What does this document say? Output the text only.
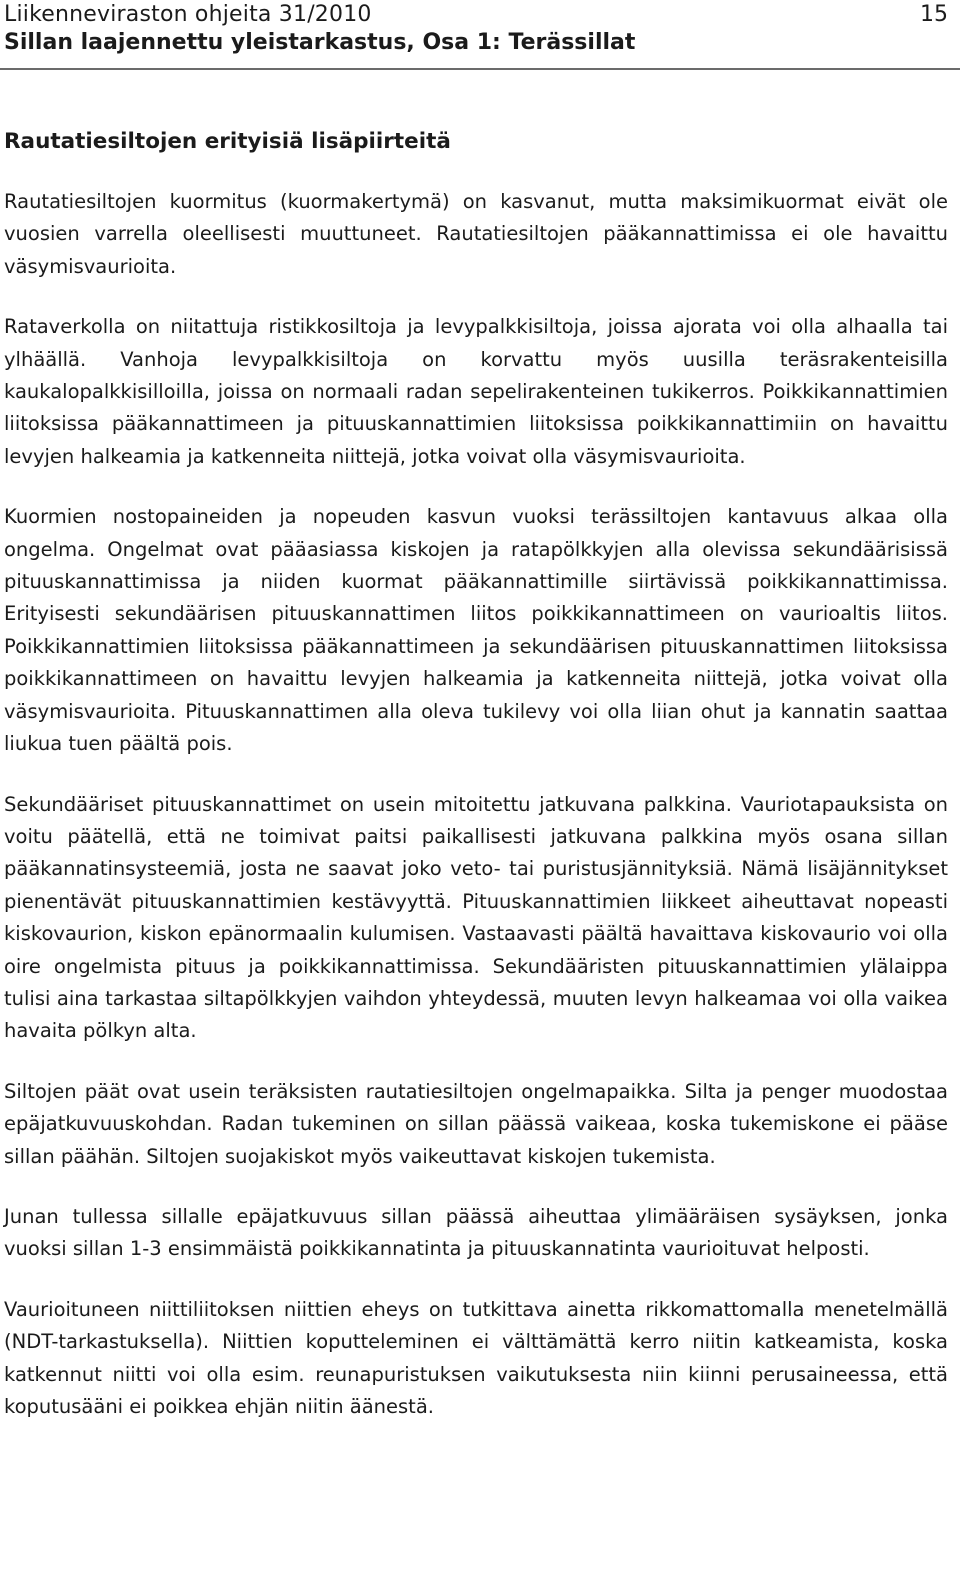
Liikenneviraston ohjeita 31/2010
Sillan laajennettu yleistarkastus, Osa 1: Terässillat
15
Rautatiesiltojen erityisiä lisäpiirteitä

Rautatiesiltojen kuormitus (kuormakertymä) on kasvanut, mutta maksimikuormat eivät ole vuosien varrella oleellisesti muuttuneet. Rautatiesiltojen pääkannattimissa ei ole havaittu väsymisvaurioita.

Rataverkolla on niitattuja ristikkosiltoja ja levypalkkisiltoja, joissa ajorata voi olla alhaalla tai ylhäällä. Vanhoja levypalkkisiltoja on korvattu myös uusilla teräsrakenteisilla kaukalopalkkisilloilla, joissa on normaali radan sepelirakenteinen tukikerros. Poikkikannattimien liitoksissa pääkannattimeen ja pituuskannattimien liitoksissa poikkikannattimiin on havaittu levyjen halkeamia ja katkenneita niittejä, jotka voivat olla väsymisvaurioita.

Kuormien nostopaineiden ja nopeuden kasvun vuoksi terässiltojen kantavuus alkaa olla ongelma. Ongelmat ovat pääasiassa kiskojen ja ratapölkkyjen alla olevissa sekundäärisissä pituuskannattimissa ja niiden kuormat pääkannattimille siirtävissä poikkikannattimissa. Erityisesti sekundäärisen pituuskannattimen liitos poikkikannattimeen on vaurioaltis liitos. Poikkikannattimien liitoksissa pääkannattimeen ja sekundäärisen pituuskannattimen liitoksissa poikkikannattimeen on havaittu levyjen halkeamia ja katkenneita niittejä, jotka voivat olla väsymisvaurioita. Pituuskannattimen alla oleva tukilevy voi olla liian ohut ja kannatin saattaa liukua tuen päältä pois.

Sekundääriset pituuskannattimet on usein mitoitettu jatkuvana palkkina. Vauriotapauksista on voitu päätellä, että ne toimivat paitsi paikallisesti jatkuvana palkkina myös osana sillan pääkannatinsysteemiä, josta ne saavat joko veto- tai puristusjännityksiä. Nämä lisäjännitykset pienentävät pituuskannattimien kestävyyttä. Pituuskannattimien liikkeet aiheuttavat nopeasti kiskovaurion, kiskon epänormaalin kulumisen. Vastaavasti päältä havaittava kiskovaurio voi olla oire ongelmista pituus ja poikkikannattimissa. Sekundääristen pituuskannattimien ylälaippa tulisi aina tarkastaa siltapölkkyjen vaihdon yhteydessä, muuten levyn halkeamaa voi olla vaikea havaita pölkyn alta.

Siltojen päät ovat usein teräksisten rautatiesiltojen ongelmapaikka. Silta ja penger muodostaa epäjatkuvuuskohdan. Radan tukeminen on sillan päässä vaikeaa, koska tukemiskone ei pääse sillan päähän. Siltojen suojakiskot myös vaikeuttavat kiskojen tukemista.

Junan tullessa sillalle epäjatkuvuus sillan päässä aiheuttaa ylimääräisen sysäyksen, jonka vuoksi sillan 1-3 ensimmäistä poikkikannatinta ja pituuskannatinta vaurioituvat helposti.

Vaurioituneen niittiliitoksen niittien eheys on tutkittava ainetta rikkomattomalla menetelmällä (NDT-tarkastuksella). Niittien koputteleminen ei välttämättä kerro niitin katkeamista, koska katkennut niitti voi olla esim. reunapuristuksen vaikutuksesta niin kiinni perusaineessa, että koputusääni ei poikkea ehjän niitin äänestä.
